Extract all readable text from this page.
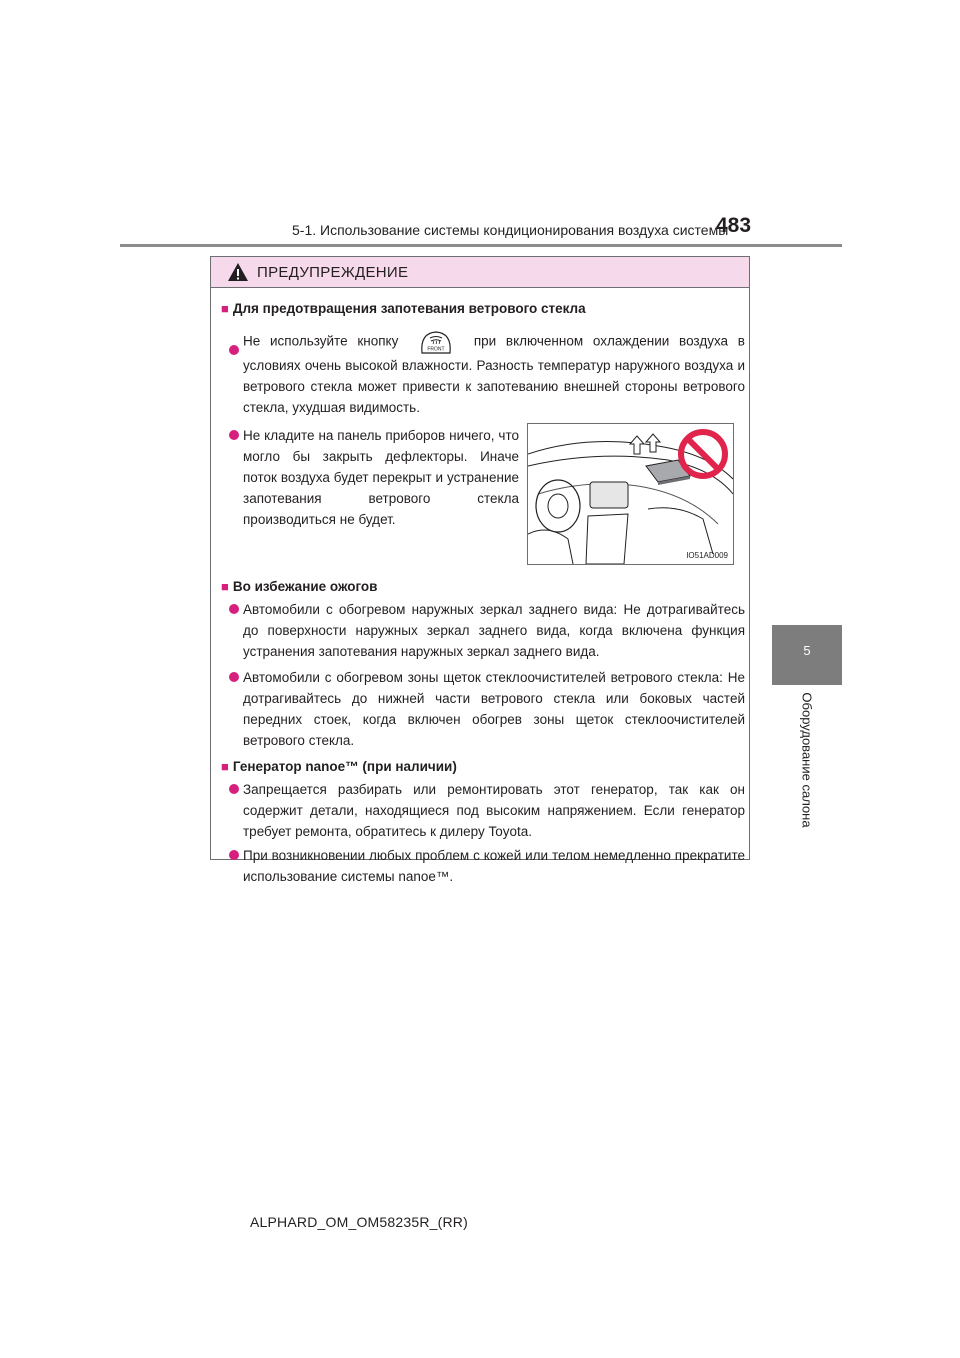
5-1. Использование системы кондиционирования воздуха системы
483
5
Оборудование салона
ПРЕДУПРЕЖДЕНИЕ
■ Для предотвращения запотевания ветрового стекла
Не используйте кнопку
FRONT
при включенном охлаждении воздуха в условиях очень высокой влажности. Разность температур наружного воздуха и ветрового стекла может привести к запотеванию внешней стороны ветрового стекла, ухудшая видимость.
Не кладите на панель приборов ничего, что могло бы закрыть дефлекторы. Иначе поток воздуха будет перекрыт и устранение запотевания ветрового стекла производиться не будет.
IO51AD009
■ Во избежание ожогов
Автомобили с обогревом наружных зеркал заднего вида: Не дотрагивайтесь до поверхности наружных зеркал заднего вида, когда включена функция устранения запотевания наружных зеркал заднего вида.
Автомобили с обогревом зоны щеток стеклоочистителей ветрового стекла: Не дотрагивайтесь до нижней части ветрового стекла или боковых частей передних стоек, когда включен обогрев зоны щеток стеклоочистителей ветрового стекла.
■ Генератор nanoe™ (при наличии)
Запрещается разбирать или ремонтировать этот генератор, так как он содержит детали, находящиеся под высоким напряжением. Если генератор требует ремонта, обратитесь к дилеру Toyota.
При возникновении любых проблем с кожей или телом немедленно прекратите использование системы nanoe™.
ALPHARD_OM_OM58235R_(RR)
